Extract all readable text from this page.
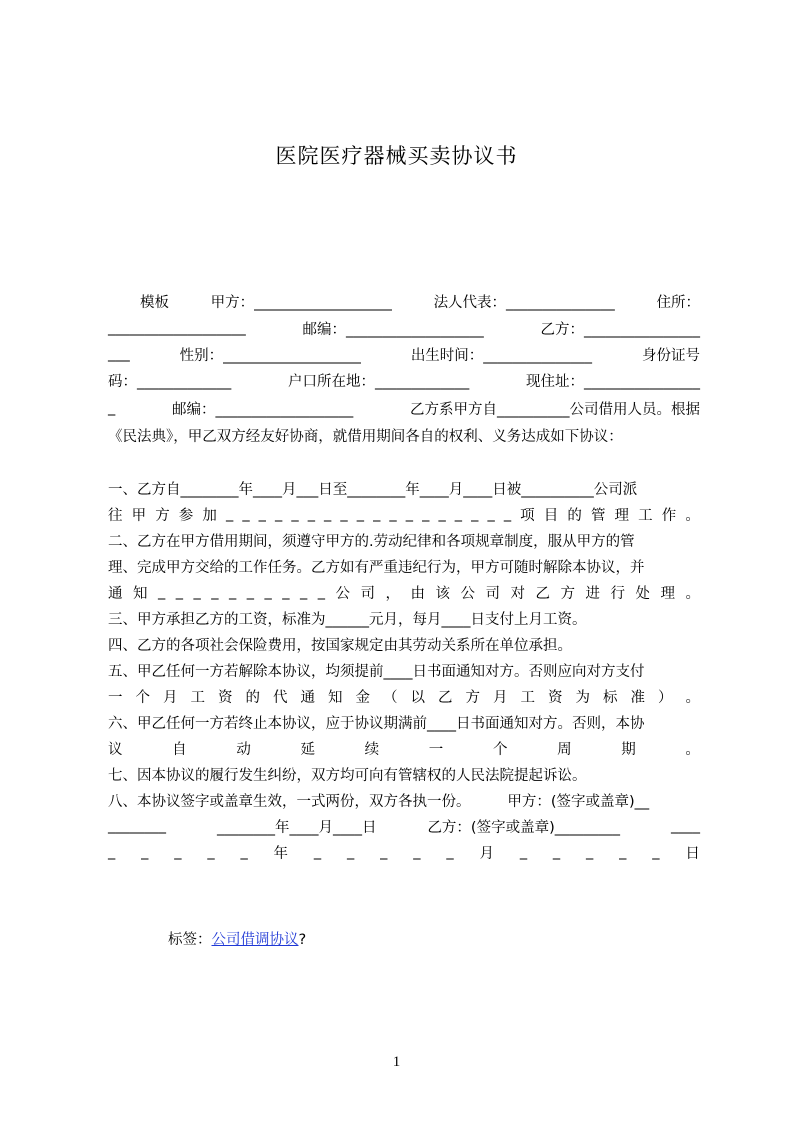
医院医疗器械买卖协议书
模板	甲方：___________________	法人代表：_______________	住所：
___________________	邮编：___________________	乙方：________________
___	性别：___________________	出生时间：_______________	身份证号
码：_____________	户口所在地：_____________	现住址：________________
_	邮编：___________________	乙方系甲方自__________公司借用人员。根据
《民法典》，甲乙双方经友好协商，就借用期间各自的权利、义务达成如下协议：
一、乙方自________年____月___日至________年____月____日被__________公司派
往 甲 方 参 加 _ _ _ _ _ _ _ _ _ _ _ _ _ _ _ _ _ _ 项 目 的 管 理 工 作 。
二、乙方在甲方借用期间，须遵守甲方的.劳动纪律和各项规章制度，服从甲方的管
理、完成甲方交给的工作任务。乙方如有严重违纪行为，甲方可随时解除本协议，并
通 知 _ _ _ _ _ _ _ _ _ _ 公 司 ， 由 该 公 司 对 乙 方 进 行 处 理 。
三、甲方承担乙方的工资，标准为______元月，每月____日支付上月工资。
四、乙方的各项社会保险费用，按国家规定由其劳动关系所在单位承担。
五、甲乙任何一方若解除本协议，均须提前____日书面通知对方。否则应向对方支付
一 个 月 工 资 的 代 通 知 金 （ 以 乙 方 月 工 资 为 标 准 ） 。
六、甲乙任何一方若终止本协议，应于协议期满前____日书面通知对方。否则，本协
议	自	动	延	续	一	个	周	期	。
七、因本协议的履行发生纠纷，双方均可向有管辖权的人民法院提起诉讼。
八、本协议签字或盖章生效，一式两份，双方各执一份。        甲方：(签字或盖章)__
________	________年____月____日	乙方：(签字或盖章)_________	____
_ _ _ _ _ 年 _ _ _ _ _ 月 _ _ _ _ _ 日
标签：公司借调协议?
1
